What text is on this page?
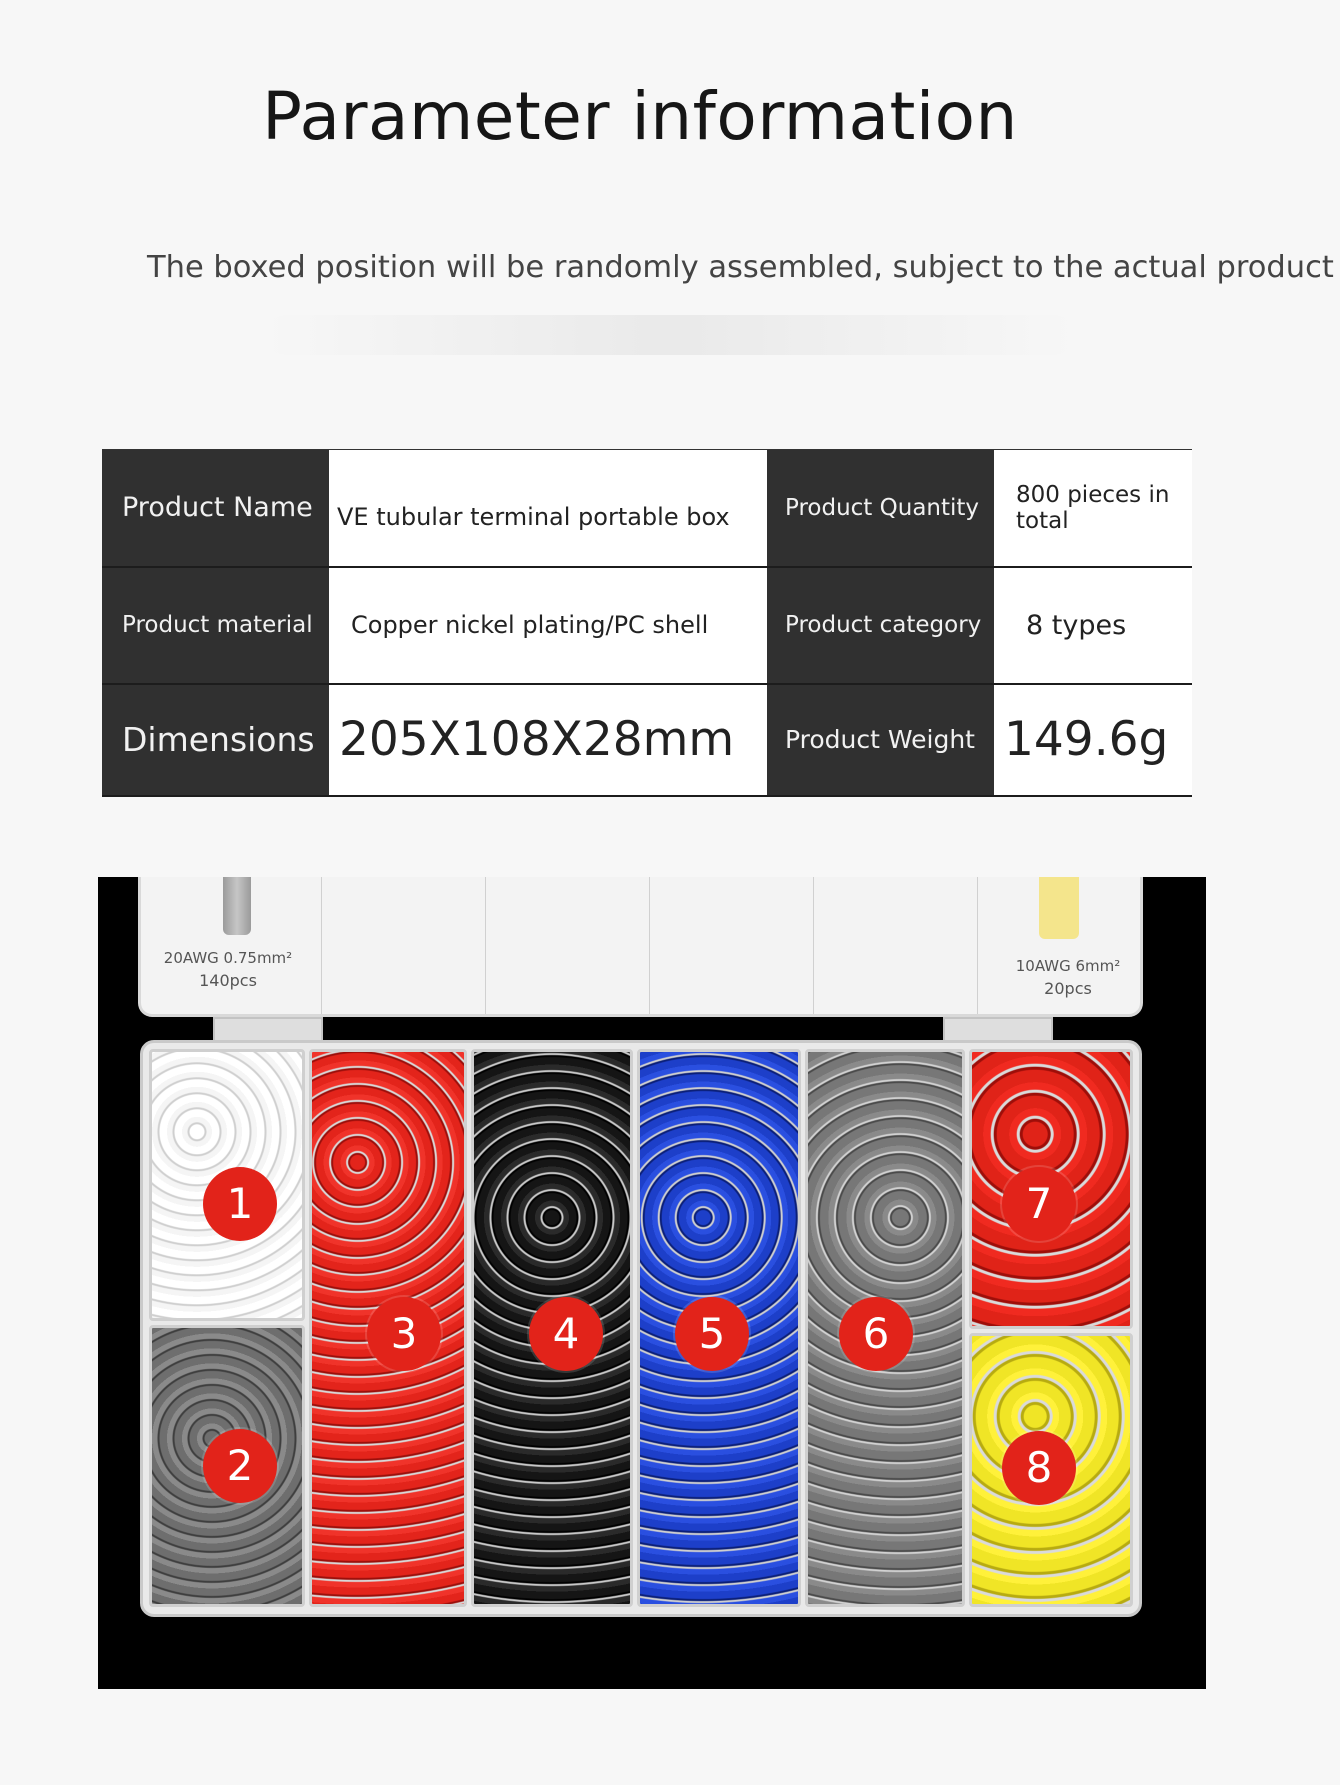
Parameter information
The boxed position will be randomly assembled, subject to the actual product
Product Name	VE tubular terminal portable box	Product Quantity	800 pieces in total
Product material	Copper nickel plating/PC shell	Product category	8 types
Dimensions	205X108X28mm	Product Weight	149.6g
20AWG 0.75mm²
140pcs
10AWG 6mm²
20pcs
1
2
3	4	5	6
7
8
